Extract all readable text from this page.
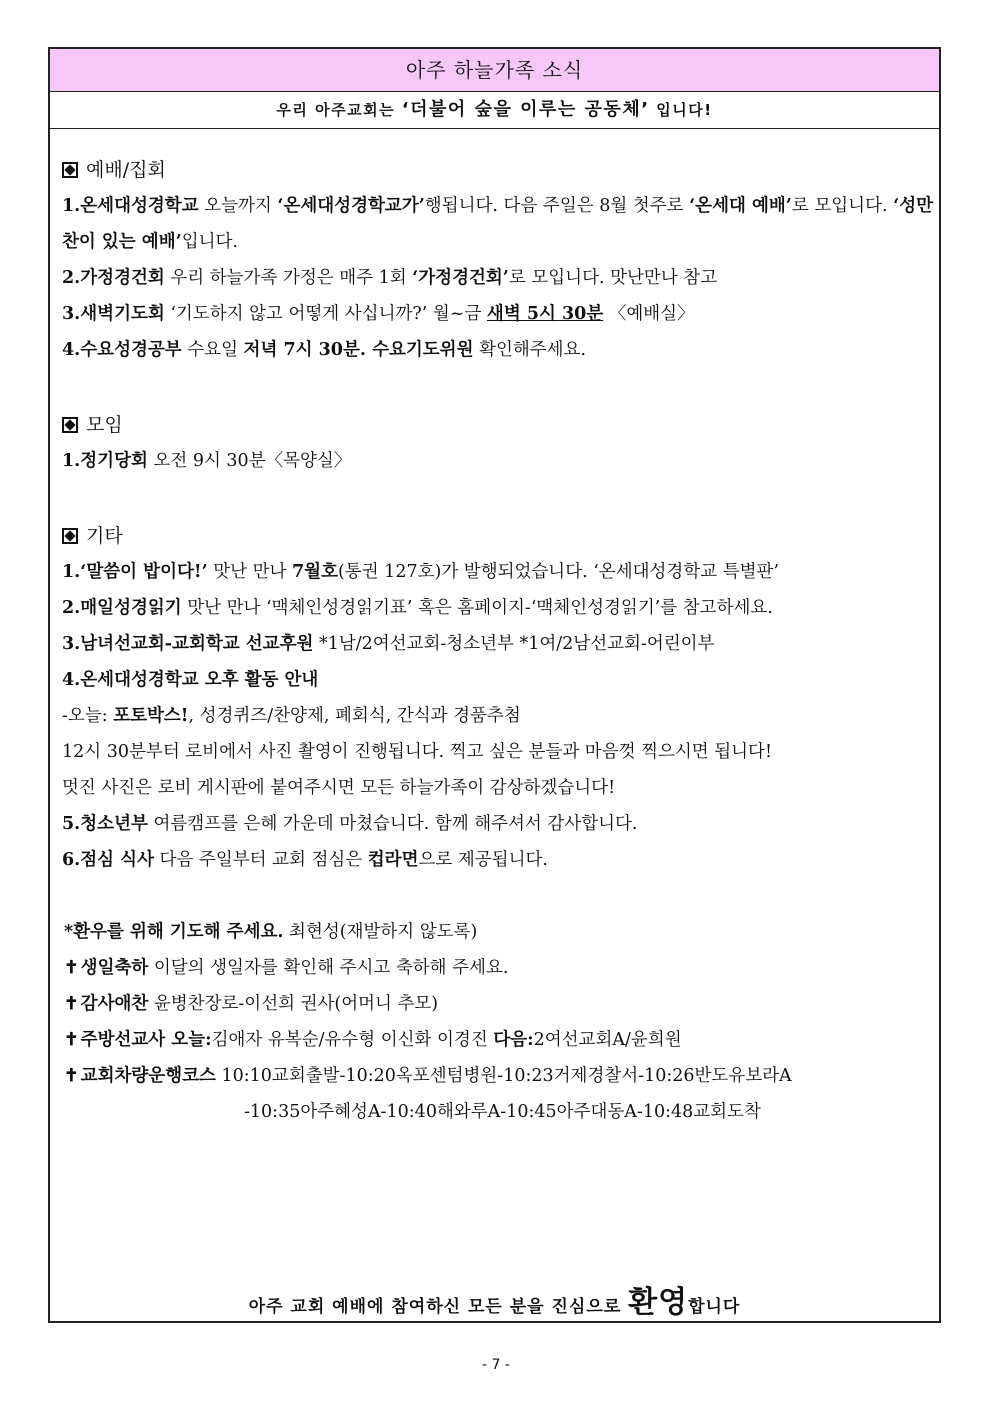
아주 하늘가족 소식
우리 아주교회는 ‘더불어 숲을 이루는 공동체’ 입니다!
예배/집회
1.온세대성경학교 오늘까지 ‘온세대성경학교가’행됩니다. 다음 주일은 8월 첫주로 ‘온세대 예배’로 모입니다. ‘성만찬이 있는 예배’입니다.
2.가정경건회 우리 하늘가족 가정은 매주 1회 ‘가정경건회’로 모입니다. 맛난만나 참고
3.새벽기도회 ‘기도하지 않고 어떻게 사십니까?’ 월~금 새벽 5시 30분 〈예배실〉
4.수요성경공부 수요일 저녁 7시 30분. 수요기도위원 확인해주세요.
모임
1.정기당회 오전 9시 30분〈목양실〉
기타
1.‘말씀이 밥이다!’ 맛난 만나 7월호(통권 127호)가 발행되었습니다. ‘온세대성경학교 특별판’
2.매일성경읽기 맛난 만나 ‘맥체인성경읽기표’ 혹은 홈페이지-‘맥체인성경읽기’를 참고하세요.
3.남녀선교회-교회학교 선교후원 *1남/2여선교회-청소년부 *1여/2남선교회-어린이부
4.온세대성경학교 오후 활동 안내
-오늘: 포토박스!, 성경퀴즈/찬양제, 폐회식, 간식과 경품추첨
12시 30분부터 로비에서 사진 촬영이 진행됩니다. 찍고 싶은 분들과 마음껏 찍으시면 됩니다!
멋진 사진은 로비 게시판에 붙여주시면 모든 하늘가족이 감상하겠습니다!
5.청소년부 여름캠프를 은혜 가운데 마쳤습니다. 함께 해주셔서 감사합니다.
6.점심 식사 다음 주일부터 교회 점심은 컵라면으로 제공됩니다.
*환우를 위해 기도해 주세요. 최현성(재발하지 않도록)
✝ 생일축하 이달의 생일자를 확인해 주시고 축하해 주세요.
✝ 감사애찬 윤병찬장로-이선희 권사(어머니 추모)
✝ 주방선교사 오늘:김애자 유복순/유수형 이신화 이경진 다음:2여선교회A/윤희원
✝ 교회차량운행코스 10:10교회출발-10:20옥포센텀병원-10:23거제경찰서-10:26반도유보라A
-10:35아주혜성A-10:40해와루A-10:45아주대동A-10:48교회도착
아주 교회 예배에 참여하신 모든 분을 진심으로 환영합니다
- 7 -
